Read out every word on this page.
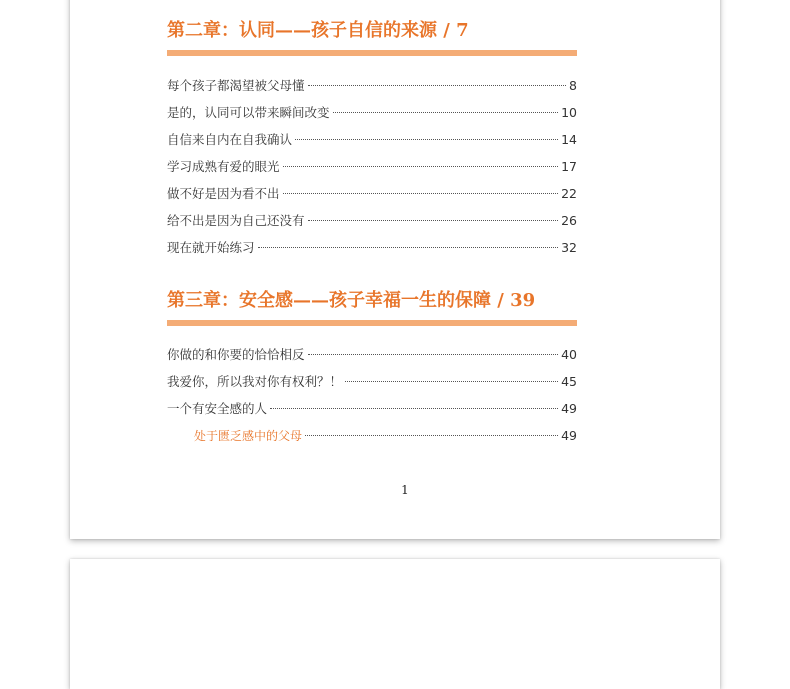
第二章：认同——孩子自信的来源 / 7
每个孩子都渴望被父母懂	8
是的，认同可以带来瞬间改变	10
自信来自内在自我确认	14
学习成熟有爱的眼光	17
做不好是因为看不出	22
给不出是因为自己还没有	26
现在就开始练习	32
第三章：安全感——孩子幸福一生的保障 / 39
你做的和你要的恰恰相反	40
我爱你，所以我对你有权利？！	45
一个有安全感的人	49
处于匮乏感中的父母	49
1
